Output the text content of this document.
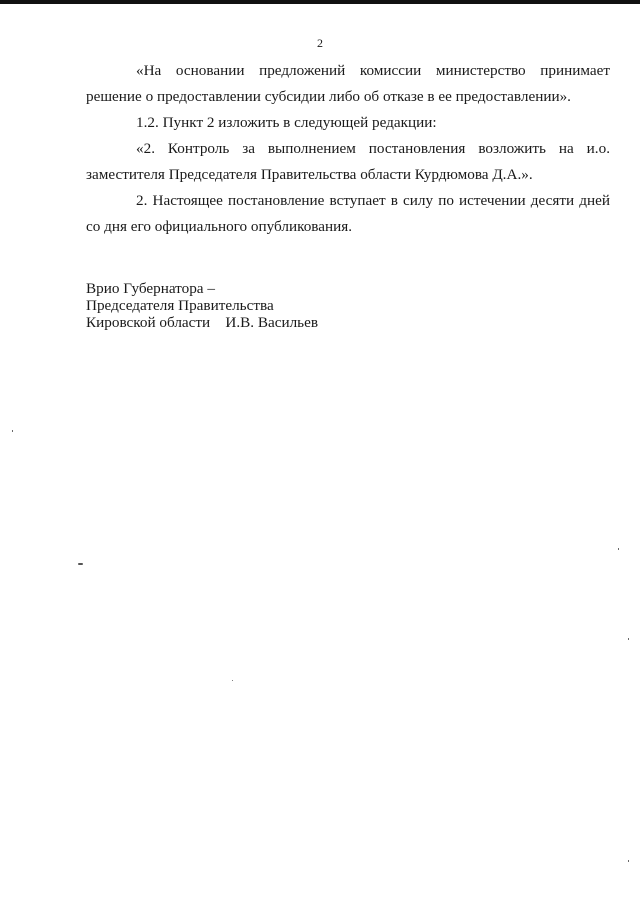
2

«На основании предложений комиссии министерство принимает решение о предоставлении субсидии либо об отказе в ее предоставлении».

1.2. Пункт 2 изложить в следующей редакции:

«2. Контроль за выполнением постановления возложить на и.о. заместителя Председателя Правительства области Курдюмова Д.А.».

2. Настоящее постановление вступает в силу по истечении десяти дней со дня его официального опубликования.

Врио Губернатора –
Председателя Правительства
Кировской области И.В. Васильев
